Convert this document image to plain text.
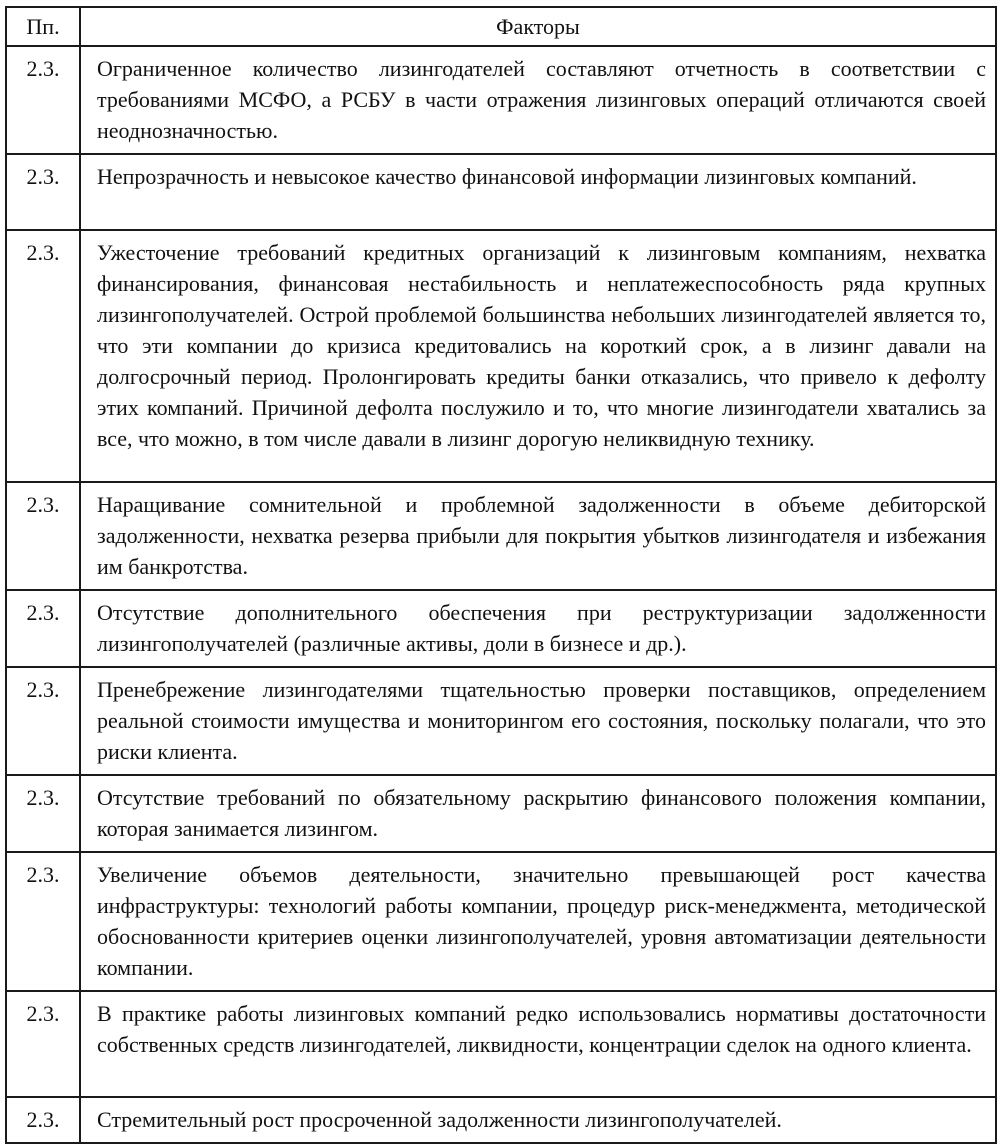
Пп.	Факторы
2.3.	Ограниченное количество лизингодателей составляют отчетность в соответствии с требованиями МСФО, а РСБУ в части отражения лизинговых операций отличаются своей неоднозначностью.
2.3.	Непрозрачность и невысокое качество финансовой информации лизинговых компаний.
2.3.	Ужесточение требований кредитных организаций к лизинговым компаниям, нехватка финансирования, финансовая нестабильность и неплатежеспособность ряда крупных лизингополучателей. Острой проблемой большинства небольших лизингодателей является то, что эти компании до кризиса кредитовались на короткий срок, а в лизинг давали на долгосрочный период. Пролонгировать кредиты банки отказались, что привело к дефолту этих компаний. Причиной дефолта послужило и то, что многие лизингодатели хватались за все, что можно, в том числе давали в лизинг дорогую неликвидную технику.
2.3.	Наращивание сомнительной и проблемной задолженности в объеме дебиторской задолженности, нехватка резерва прибыли для покрытия убытков лизингодателя и избежания им банкротства.
2.3.	Отсутствие дополнительного обеспечения при реструктуризации задолженности лизингополучателей (различные активы, доли в бизнесе и др.).
2.3.	Пренебрежение лизингодателями тщательностью проверки поставщиков, определением реальной стоимости имущества и мониторингом его состояния, поскольку полагали, что это риски клиента.
2.3.	Отсутствие требований по обязательному раскрытию финансового положения компании, которая занимается лизингом.
2.3.	Увеличение объемов деятельности, значительно превышающей рост качества инфраструктуры: технологий работы компании, процедур риск-менеджмента, методической обоснованности критериев оценки лизингополучателей, уровня автоматизации деятельности компании.
2.3.	В практике работы лизинговых компаний редко использовались нормативы достаточности собственных средств лизингодателей, ликвидности, концентрации сделок на одного клиента.
2.3.	Стремительный рост просроченной задолженности лизингополучателей.
